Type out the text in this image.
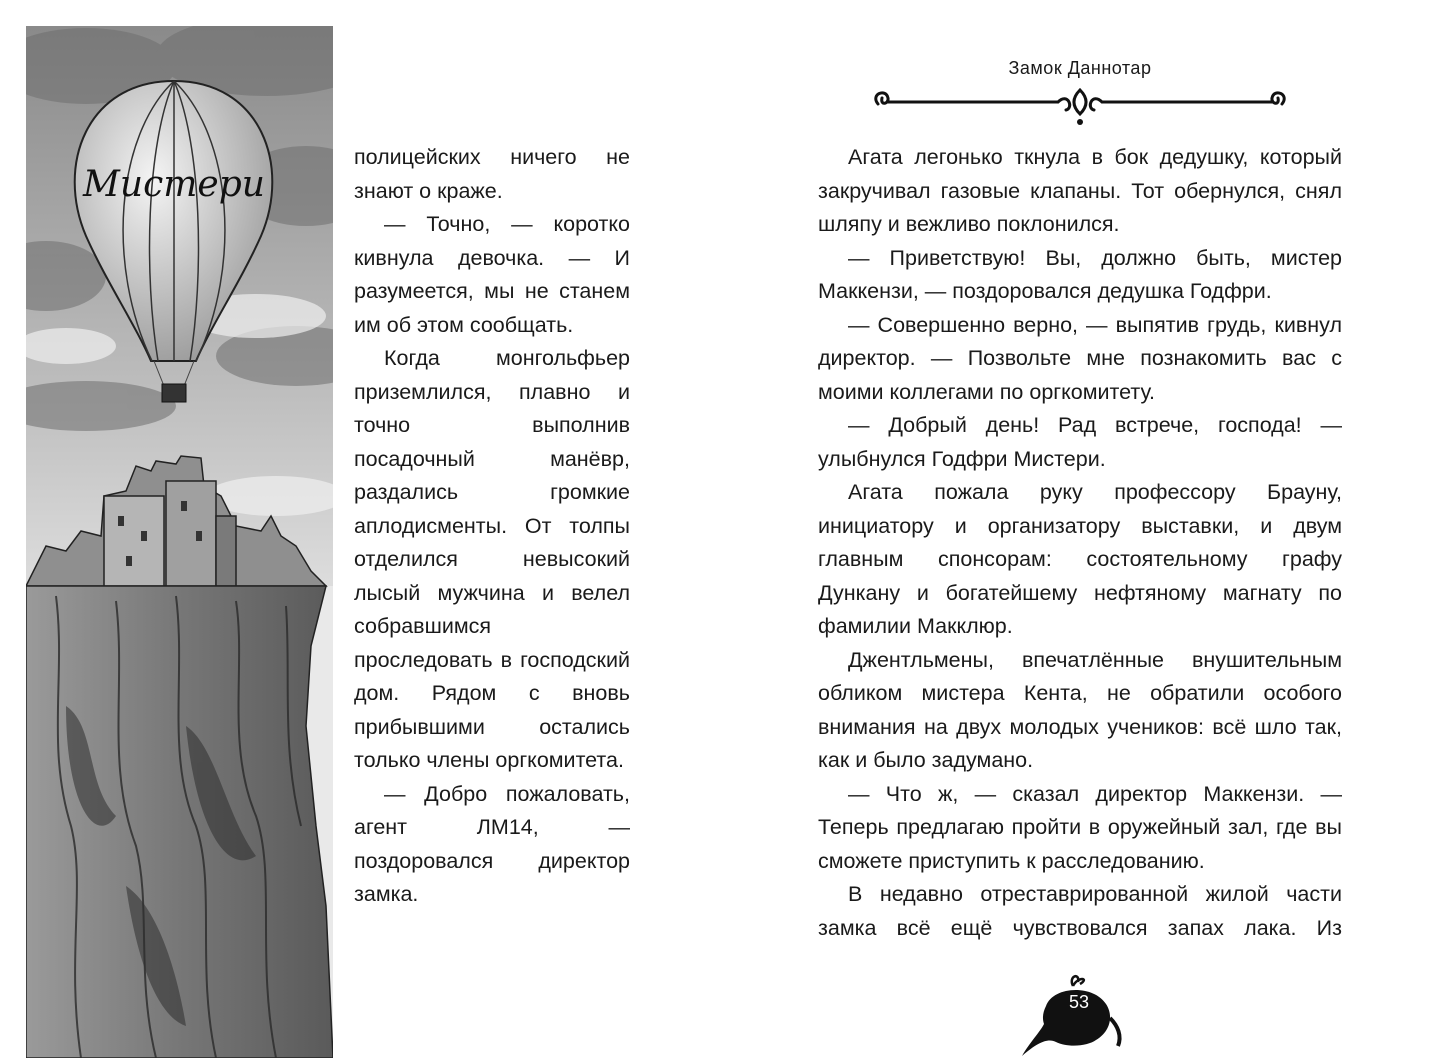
Мистери

полицейских ничего не знают о краже.

— Точно, — коротко кивнула девочка. — И разумеется, мы не станем им об этом сообщать.

Когда монгольфьер приземлился, плавно и точно выполнив посадочный манёвр, раздались громкие аплодисменты. От толпы отделился невысокий лысый мужчина и велел собравшимся проследовать в господский дом. Рядом с вновь прибывшими остались только члены оргкомитета.

— Добро пожаловать, агент ЛМ14, — поздоровался директор замка.

Замок Даннотар

Агата легонько ткнула в бок дедушку, который закручивал газовые клапаны. Тот обернулся, снял шляпу и вежливо поклонился.

— Приветствую! Вы, должно быть, мистер Маккензи, — поздоровался дедушка Годфри.

— Совершенно верно, — выпятив грудь, кивнул директор. — Позвольте мне познакомить вас с моими коллегами по оргкомитету.

— Добрый день! Рад встрече, господа! — улыбнулся Годфри Мистери.

Агата пожала руку профессору Брауну, инициатору и организатору выставки, и двум главным спонсорам: состоятельному графу Дункану и богатейшему нефтяному магнату по фамилии Макклюр.

Джентльмены, впечатлённые внушительным обликом мистера Кента, не обратили особого внимания на двух молодых учеников: всё шло так, как и было задумано.

— Что ж, — сказал директор Маккензи. — Теперь предлагаю пройти в оружейный зал, где вы сможете приступить к расследованию.

В недавно отреставрированной жилой части замка всё ещё чувствовался запах лака. Из

53
